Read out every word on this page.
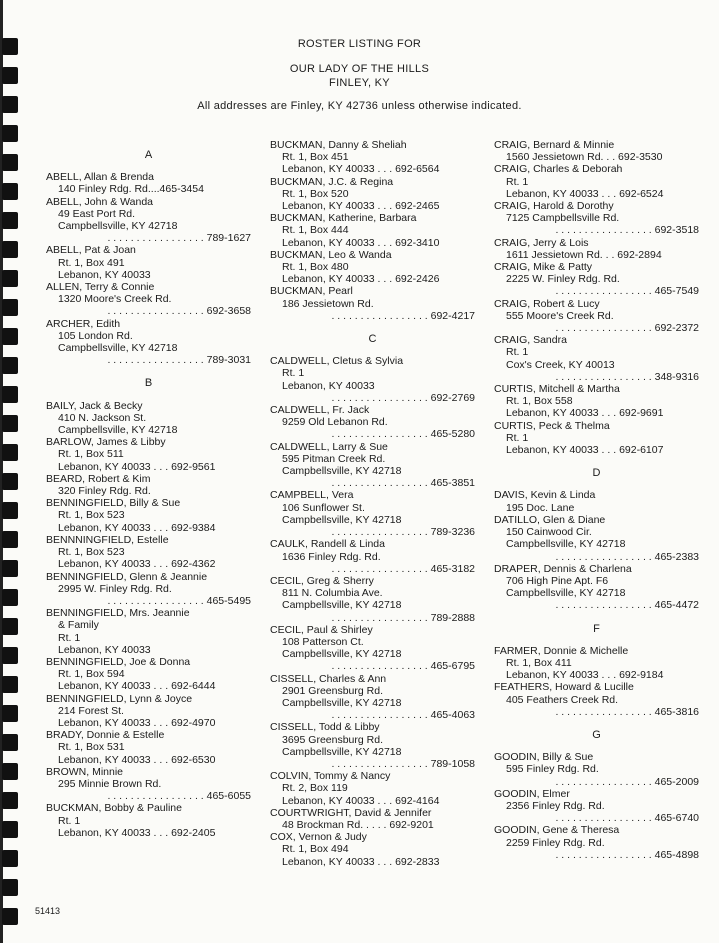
ROSTER LISTING FOR
OUR LADY OF THE HILLS
FINLEY, KY
All addresses are Finley, KY 42736 unless otherwise indicated.
A
ABELL, Allan & Brenda
140 Finley Rdg. Rd....465-3454
ABELL, John & Wanda
49 East Port Rd.
Campbellsville, KY 42718
. . . . . . . . . . . . . . . . . 789-1627
ABELL, Pat & Joan
Rt. 1, Box 491
Lebanon, KY 40033
ALLEN, Terry & Connie
1320 Moore's Creek Rd.
. . . . . . . . . . . . . . . . . 692-3658
ARCHER, Edith
105 London Rd.
Campbellsville, KY 42718
. . . . . . . . . . . . . . . . . 789-3031
B
BAILY, Jack & Becky
410 N. Jackson St.
Campbellsville, KY 42718
BARLOW, James & Libby
Rt. 1, Box 511
Lebanon, KY 40033 . . . 692-9561
BEARD, Robert & Kim
320 Finley Rdg. Rd.
BENNINGFIELD, Billy & Sue
Rt. 1, Box 523
Lebanon, KY 40033 . . . 692-9384
BENNNINGFIELD, Estelle
Rt. 1, Box 523
Lebanon, KY 40033 . . . 692-4362
BENNINGFIELD, Glenn & Jeannie
2995 W. Finley Rdg. Rd.
. . . . . . . . . . . . . . . . . 465-5495
BENNINGFIELD, Mrs. Jeannie
& Family
Rt. 1
Lebanon, KY 40033
BENNINGFIELD, Joe & Donna
Rt. 1, Box 594
Lebanon, KY 40033 . . . 692-6444
BENNINGFIELD, Lynn & Joyce
214 Forest St.
Lebanon, KY 40033 . . . 692-4970
BRADY, Donnie & Estelle
Rt. 1, Box 531
Lebanon, KY 40033 . . . 692-6530
BROWN, Minnie
295 Minnie Brown Rd.
. . . . . . . . . . . . . . . . . 465-6055
BUCKMAN, Bobby & Pauline
Rt. 1
Lebanon, KY 40033 . . . 692-2405
BUCKMAN, Danny & Sheliah
Rt. 1, Box 451
Lebanon, KY 40033 . . . 692-6564
BUCKMAN, J.C. & Regina
Rt. 1, Box 520
Lebanon, KY 40033 . . . 692-2465
BUCKMAN, Katherine, Barbara
Rt. 1, Box 444
Lebanon, KY 40033 . . . 692-3410
BUCKMAN, Leo & Wanda
Rt. 1, Box 480
Lebanon, KY 40033 . . . 692-2426
BUCKMAN, Pearl
186 Jessietown Rd.
. . . . . . . . . . . . . . . . . 692-4217
C
CALDWELL, Cletus & Sylvia
Rt. 1
Lebanon, KY 40033
. . . . . . . . . . . . . . . . . 692-2769
CALDWELL, Fr. Jack
9259 Old Lebanon Rd.
. . . . . . . . . . . . . . . . . 465-5280
CALDWELL, Larry & Sue
595 Pitman Creek Rd.
Campbellsville, KY 42718
. . . . . . . . . . . . . . . . . 465-3851
CAMPBELL, Vera
106 Sunflower St.
Campbellsville, KY 42718
. . . . . . . . . . . . . . . . . 789-3236
CAULK, Randell & Linda
1636 Finley Rdg. Rd.
. . . . . . . . . . . . . . . . . 465-3182
CECIL, Greg & Sherry
811 N. Columbia Ave.
Campbellsville, KY 42718
. . . . . . . . . . . . . . . . . 789-2888
CECIL, Paul & Shirley
108 Patterson Ct.
Campbellsville, KY 42718
. . . . . . . . . . . . . . . . . 465-6795
CISSELL, Charles & Ann
2901 Greensburg Rd.
Campbellsville, KY 42718
. . . . . . . . . . . . . . . . . 465-4063
CISSELL, Todd & Libby
3695 Greensburg Rd.
Campbellsville, KY 42718
. . . . . . . . . . . . . . . . . 789-1058
COLVIN, Tommy & Nancy
Rt. 2, Box 119
Lebanon, KY 40033 . . . 692-4164
COURTWRIGHT, David & Jennifer
48 Brockman Rd. . . . . 692-9201
COX, Vernon & Judy
Rt. 1, Box 494
Lebanon, KY 40033 . . . 692-2833
CRAIG, Bernard & Minnie
1560 Jessietown Rd. . . 692-3530
CRAIG, Charles & Deborah
Rt. 1
Lebanon, KY 40033 . . . 692-6524
CRAIG, Harold & Dorothy
7125 Campbellsville Rd.
. . . . . . . . . . . . . . . . . 692-3518
CRAIG, Jerry & Lois
1611 Jessietown Rd. . . 692-2894
CRAIG, Mike & Patty
2225 W. Finley Rdg. Rd.
. . . . . . . . . . . . . . . . . 465-7549
CRAIG, Robert & Lucy
555 Moore's Creek Rd.
. . . . . . . . . . . . . . . . . 692-2372
CRAIG, Sandra
Rt. 1
Cox's Creek, KY 40013
. . . . . . . . . . . . . . . . . 348-9316
CURTIS, Mitchell & Martha
Rt. 1, Box 558
Lebanon, KY 40033 . . . 692-9691
CURTIS, Peck & Thelma
Rt. 1
Lebanon, KY 40033 . . . 692-6107
D
DAVIS, Kevin & Linda
195 Doc. Lane
DATILLO, Glen & Diane
150 Cainwood Cir.
Campbellsville, KY 42718
. . . . . . . . . . . . . . . . . 465-2383
DRAPER, Dennis & Charlena
706 High Pine Apt. F6
Campbellsville, KY 42718
. . . . . . . . . . . . . . . . . 465-4472
F
FARMER, Donnie & Michelle
Rt. 1, Box 411
Lebanon, KY 40033 . . . 692-9184
FEATHERS, Howard & Lucille
405 Feathers Creek Rd.
. . . . . . . . . . . . . . . . . 465-3816
G
GOODIN, Billy & Sue
595 Finley Rdg. Rd.
. . . . . . . . . . . . . . . . . 465-2009
GOODIN, Elmer
2356 Finley Rdg. Rd.
. . . . . . . . . . . . . . . . . 465-6740
GOODIN, Gene & Theresa
2259 Finley Rdg. Rd.
. . . . . . . . . . . . . . . . . 465-4898
51413
